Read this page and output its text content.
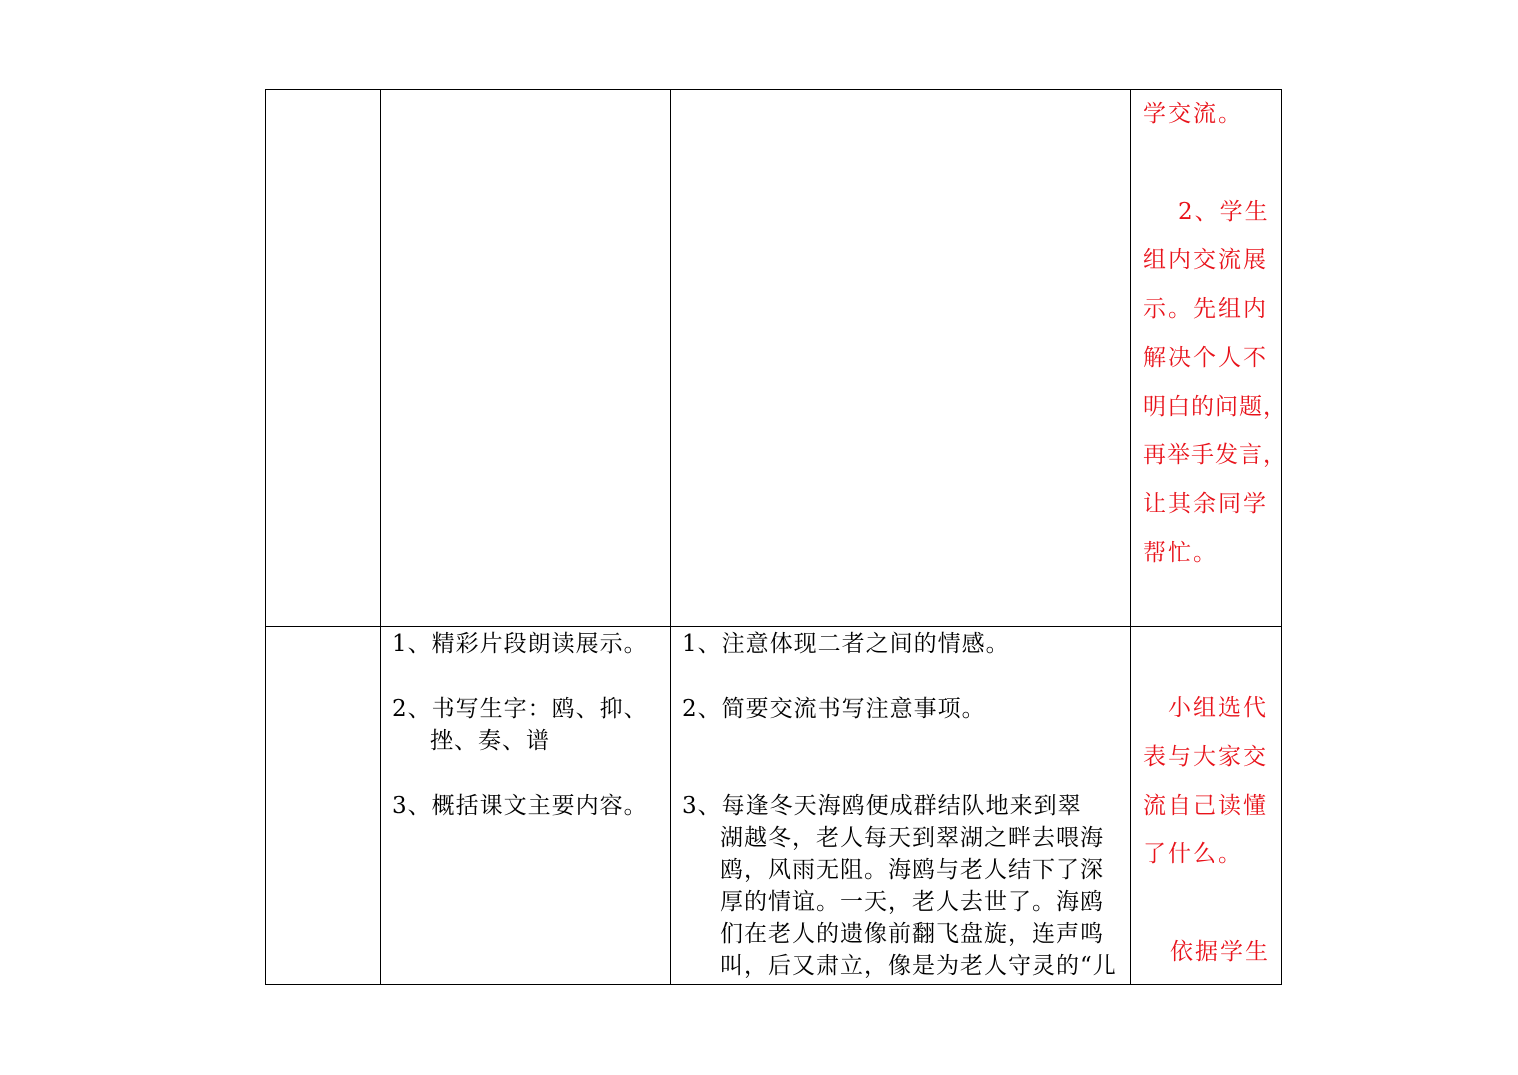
学交流。
2、学生
组内交流展
示。先组内
解决个人不
明白的问题，
再举手发言，
让其余同学
帮忙。
1、精彩片段朗读展示。
2、书写生字：鸥、抑、
挫、奏、谱
3、概括课文主要内容。
1、注意体现二者之间的情感。
2、简要交流书写注意事项。
3、每逢冬天海鸥便成群结队地来到翠
湖越冬，老人每天到翠湖之畔去喂海
鸥，风雨无阻。海鸥与老人结下了深
厚的情谊。一天，老人去世了。海鸥
们在老人的遗像前翻飞盘旋，连声鸣
叫，后又肃立，像是为老人守灵的“儿
小组选代
表与大家交
流自己读懂
了什么。
依据学生
